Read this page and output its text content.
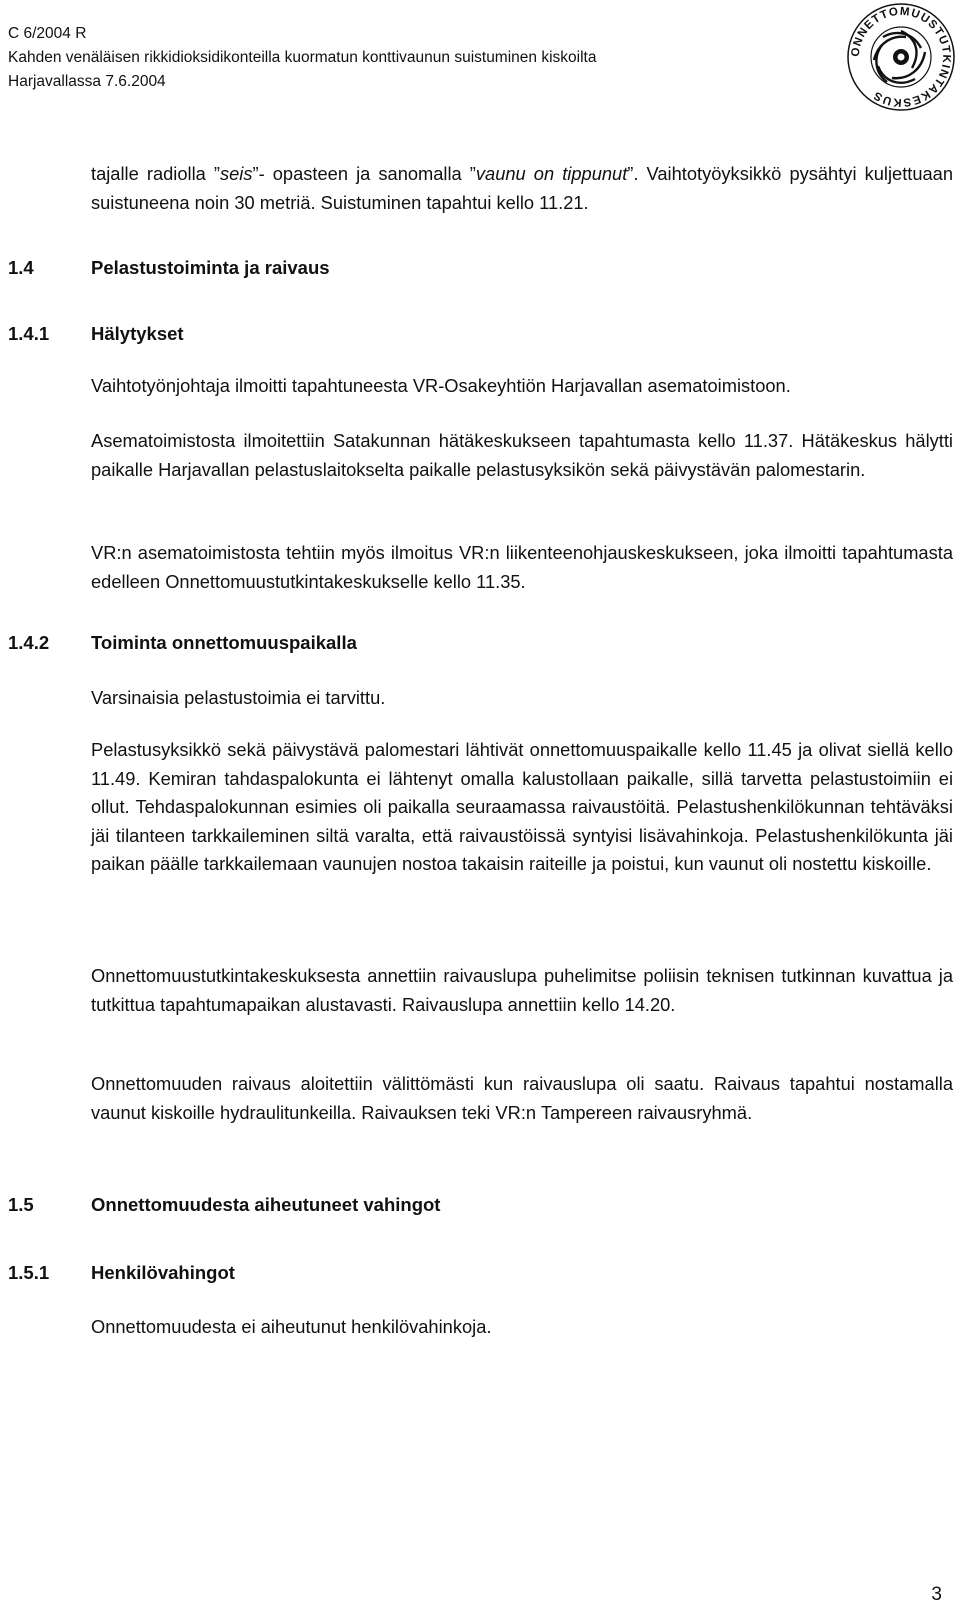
C 6/2004 R
Kahden venäläisen rikkidioksidikonteilla kuormatun konttivaunun suistuminen kiskoilta
Harjavallassa 7.6.2004
ONNETTOMUUSTUTKINTAKESKUS

tajalle radiolla ”seis”- opasteen ja sanomalla ”vaunu on tippunut”. Vaihtotyöyksikkö pysähtyi kuljettuaan suistuneena noin 30 metriä. Suistuminen tapahtui kello 11.21.

1.4	Pelastustoiminta ja raivaus
1.4.1 Hälytykset

Vaihtotyönjohtaja ilmoitti tapahtuneesta VR-Osakeyhtiön Harjavallan asematoimistoon.

Asematoimistosta ilmoitettiin Satakunnan hätäkeskukseen tapahtumasta kello 11.37. Hätäkeskus hälytti paikalle Harjavallan pelastuslaitokselta paikalle pelastusyksikön sekä päivystävän palomestarin.

VR:n asematoimistosta tehtiin myös ilmoitus VR:n liikenteenohjauskeskukseen, joka ilmoitti tapahtumasta edelleen Onnettomuustutkintakeskukselle kello 11.35.

1.4.2 Toiminta onnettomuuspaikalla

Varsinaisia pelastustoimia ei tarvittu.

Pelastusyksikkö sekä päivystävä palomestari lähtivät onnettomuuspaikalle kello 11.45 ja olivat siellä kello 11.49. Kemiran tahdaspalokunta ei lähtenyt omalla kalustollaan paikalle, sillä tarvetta pelastustoimiin ei ollut. Tehdaspalokunnan esimies oli paikalla seuraamassa raivaustöitä. Pelastushenkilökunnan tehtäväksi jäi tilanteen tarkkaileminen siltä varalta, että raivaustöissä syntyisi lisävahinkoja. Pelastushenkilökunta jäi paikan päälle tarkkailemaan vaunujen nostoa takaisin raiteille ja poistui, kun vaunut oli nostettu kiskoille.

Onnettomuustutkintakeskuksesta annettiin raivauslupa puhelimitse poliisin teknisen tutkinnan kuvattua ja tutkittua tapahtumapaikan alustavasti. Raivauslupa annettiin kello 14.20.

Onnettomuuden raivaus aloitettiin välittömästi kun raivauslupa oli saatu. Raivaus tapahtui nostamalla vaunut kiskoille hydraulitunkeilla. Raivauksen teki VR:n Tampereen raivausryhmä.

1.5	Onnettomuudesta aiheutuneet vahingot
1.5.1 Henkilövahingot

Onnettomuudesta ei aiheutunut henkilövahinkoja.

3
